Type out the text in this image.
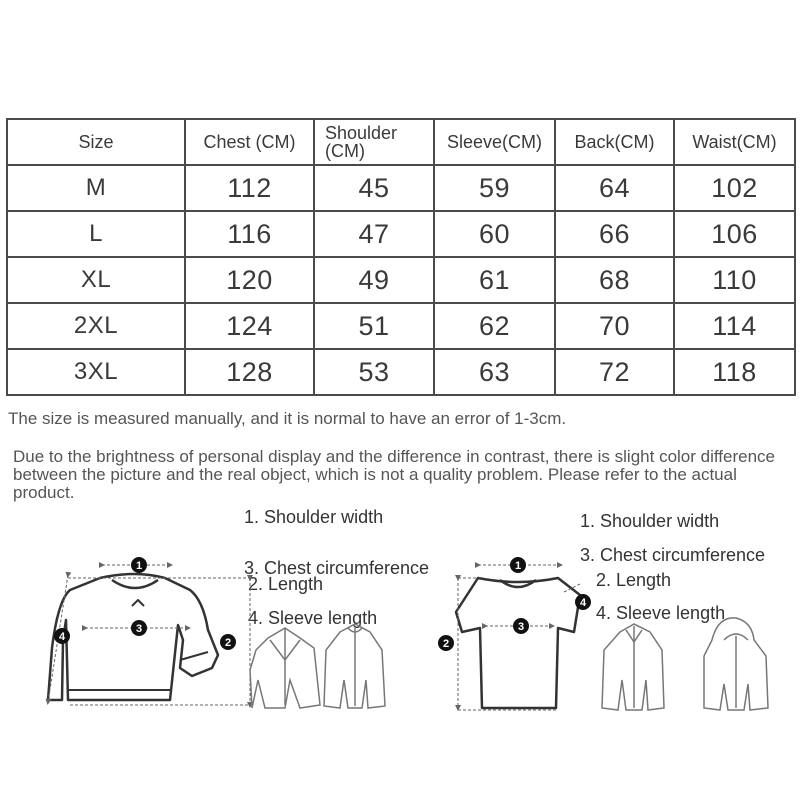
Size	Chest (CM)	Shoulder (CM)	Sleeve(CM)	Back(CM)	Waist(CM)
M	112	45	59	64	102
L	116	47	60	66	106
XL	120	49	61	68	110
2XL	124	51	62	70	114
3XL	128	53	63	72	118
The size is measured manually, and it is normal to have an error of 1-3cm.
Due to the brightness of personal display and the difference in contrast, there is slight color difference between the picture and the real object, which is not a quality problem. Please refer to the actual product.
1. Shoulder width
3. Chest circumference
2. Length
4. Sleeve length
1. Shoulder width
3. Chest circumference
2. Length
4. Sleeve length
1
2
3
4
1
2
3
4
